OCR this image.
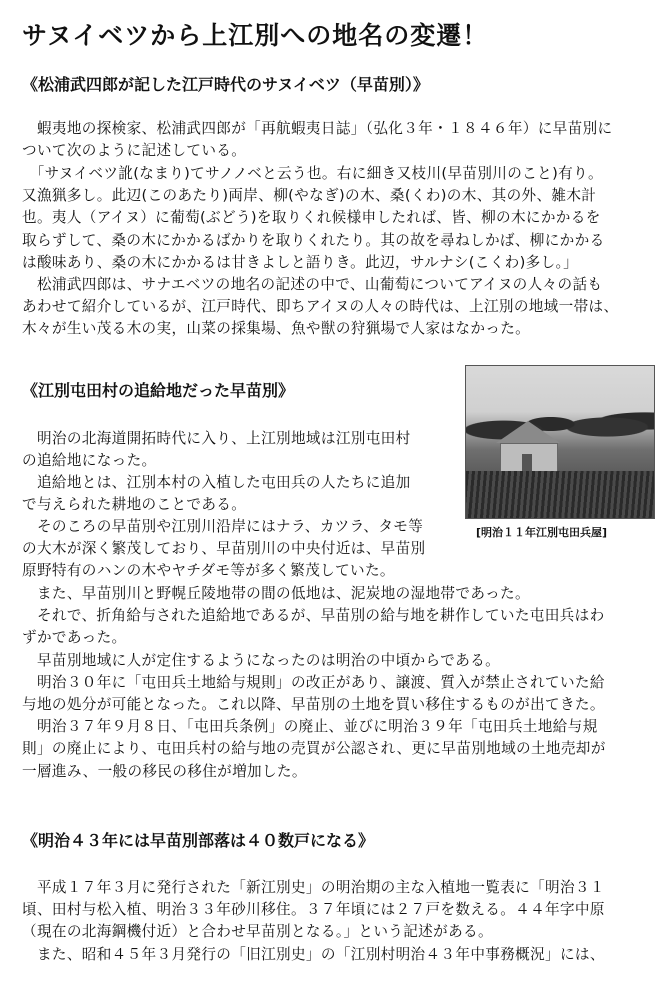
サヌイベツから上江別への地名の変遷！
《松浦武四郎が記した江戸時代のサヌイベツ（早苗別）》
　蝦夷地の探検家、松浦武四郎が「再航蝦夷日誌」（弘化３年・１８４６年）に早苗別に
ついて次のように記述している。
　「サヌイベツ訛(なまり)てサノノベと云う也。右に細き又枝川(早苗別川のこと)有り。
又漁猟多し。此辺(このあたり)両岸、柳(やなぎ)の木、桑(くわ)の木、其の外、雑木計
也。夷人（アイヌ）に葡萄(ぶどう)を取りくれ候様申したれば、皆、柳の木にかかるを
取らずして、桑の木にかかるばかりを取りくれたり。其の故を尋ねしかば、柳にかかる
は酸味あり、桑の木にかかるは甘きよしと語りき。此辺，サルナシ(こくわ)多し。」
　松浦武四郎は、サナエベツの地名の記述の中で、山葡萄についてアイヌの人々の話も
あわせて紹介しているが、江戸時代、即ちアイヌの人々の時代は、上江別の地域一帯は、
木々が生い茂る木の実，山菜の採集場、魚や獣の狩猟場で人家はなかった。
《江別屯田村の追給地だった早苗別》
　明治の北海道開拓時代に入り、上江別地域は江別屯田村
の追給地になった。
　追給地とは、江別本村の入植した屯田兵の人たちに追加
で与えられた耕地のことである。
　そのころの早苗別や江別川沿岸にはナラ、カツラ、タモ等
の大木が深く繁茂しており、早苗別川の中央付近は、早苗別
原野特有のハンの木やヤチダモ等が多く繁茂していた。
[明治１１年江別屯田兵屋]
　また、早苗別川と野幌丘陵地帯の間の低地は、泥炭地の湿地帯であった。
　それで、折角給与された追給地であるが、早苗別の給与地を耕作していた屯田兵はわ
ずかであった。
　早苗別地域に人が定住するようになったのは明治の中頃からである。
　明治３０年に「屯田兵土地給与規則」の改正があり、譲渡、質入が禁止されていた給
与地の処分が可能となった。これ以降、早苗別の土地を買い移住するものが出てきた。
　明治３７年９月８日、「屯田兵条例」の廃止、並びに明治３９年「屯田兵土地給与規
則」の廃止により、屯田兵村の給与地の売買が公認され、更に早苗別地域の土地売却が
一層進み、一般の移民の移住が増加した。
《明治４３年には早苗別部落は４０数戸になる》
　平成１７年３月に発行された「新江別史」の明治期の主な入植地一覧表に「明治３１
頃、田村与松入植、明治３３年砂川移住。３７年頃には２７戸を数える。４４年字中原
（現在の北海鋼機付近）と合わせ早苗別となる。」という記述がある。
　また、昭和４５年３月発行の「旧江別史」の「江別村明治４３年中事務概況」には、
